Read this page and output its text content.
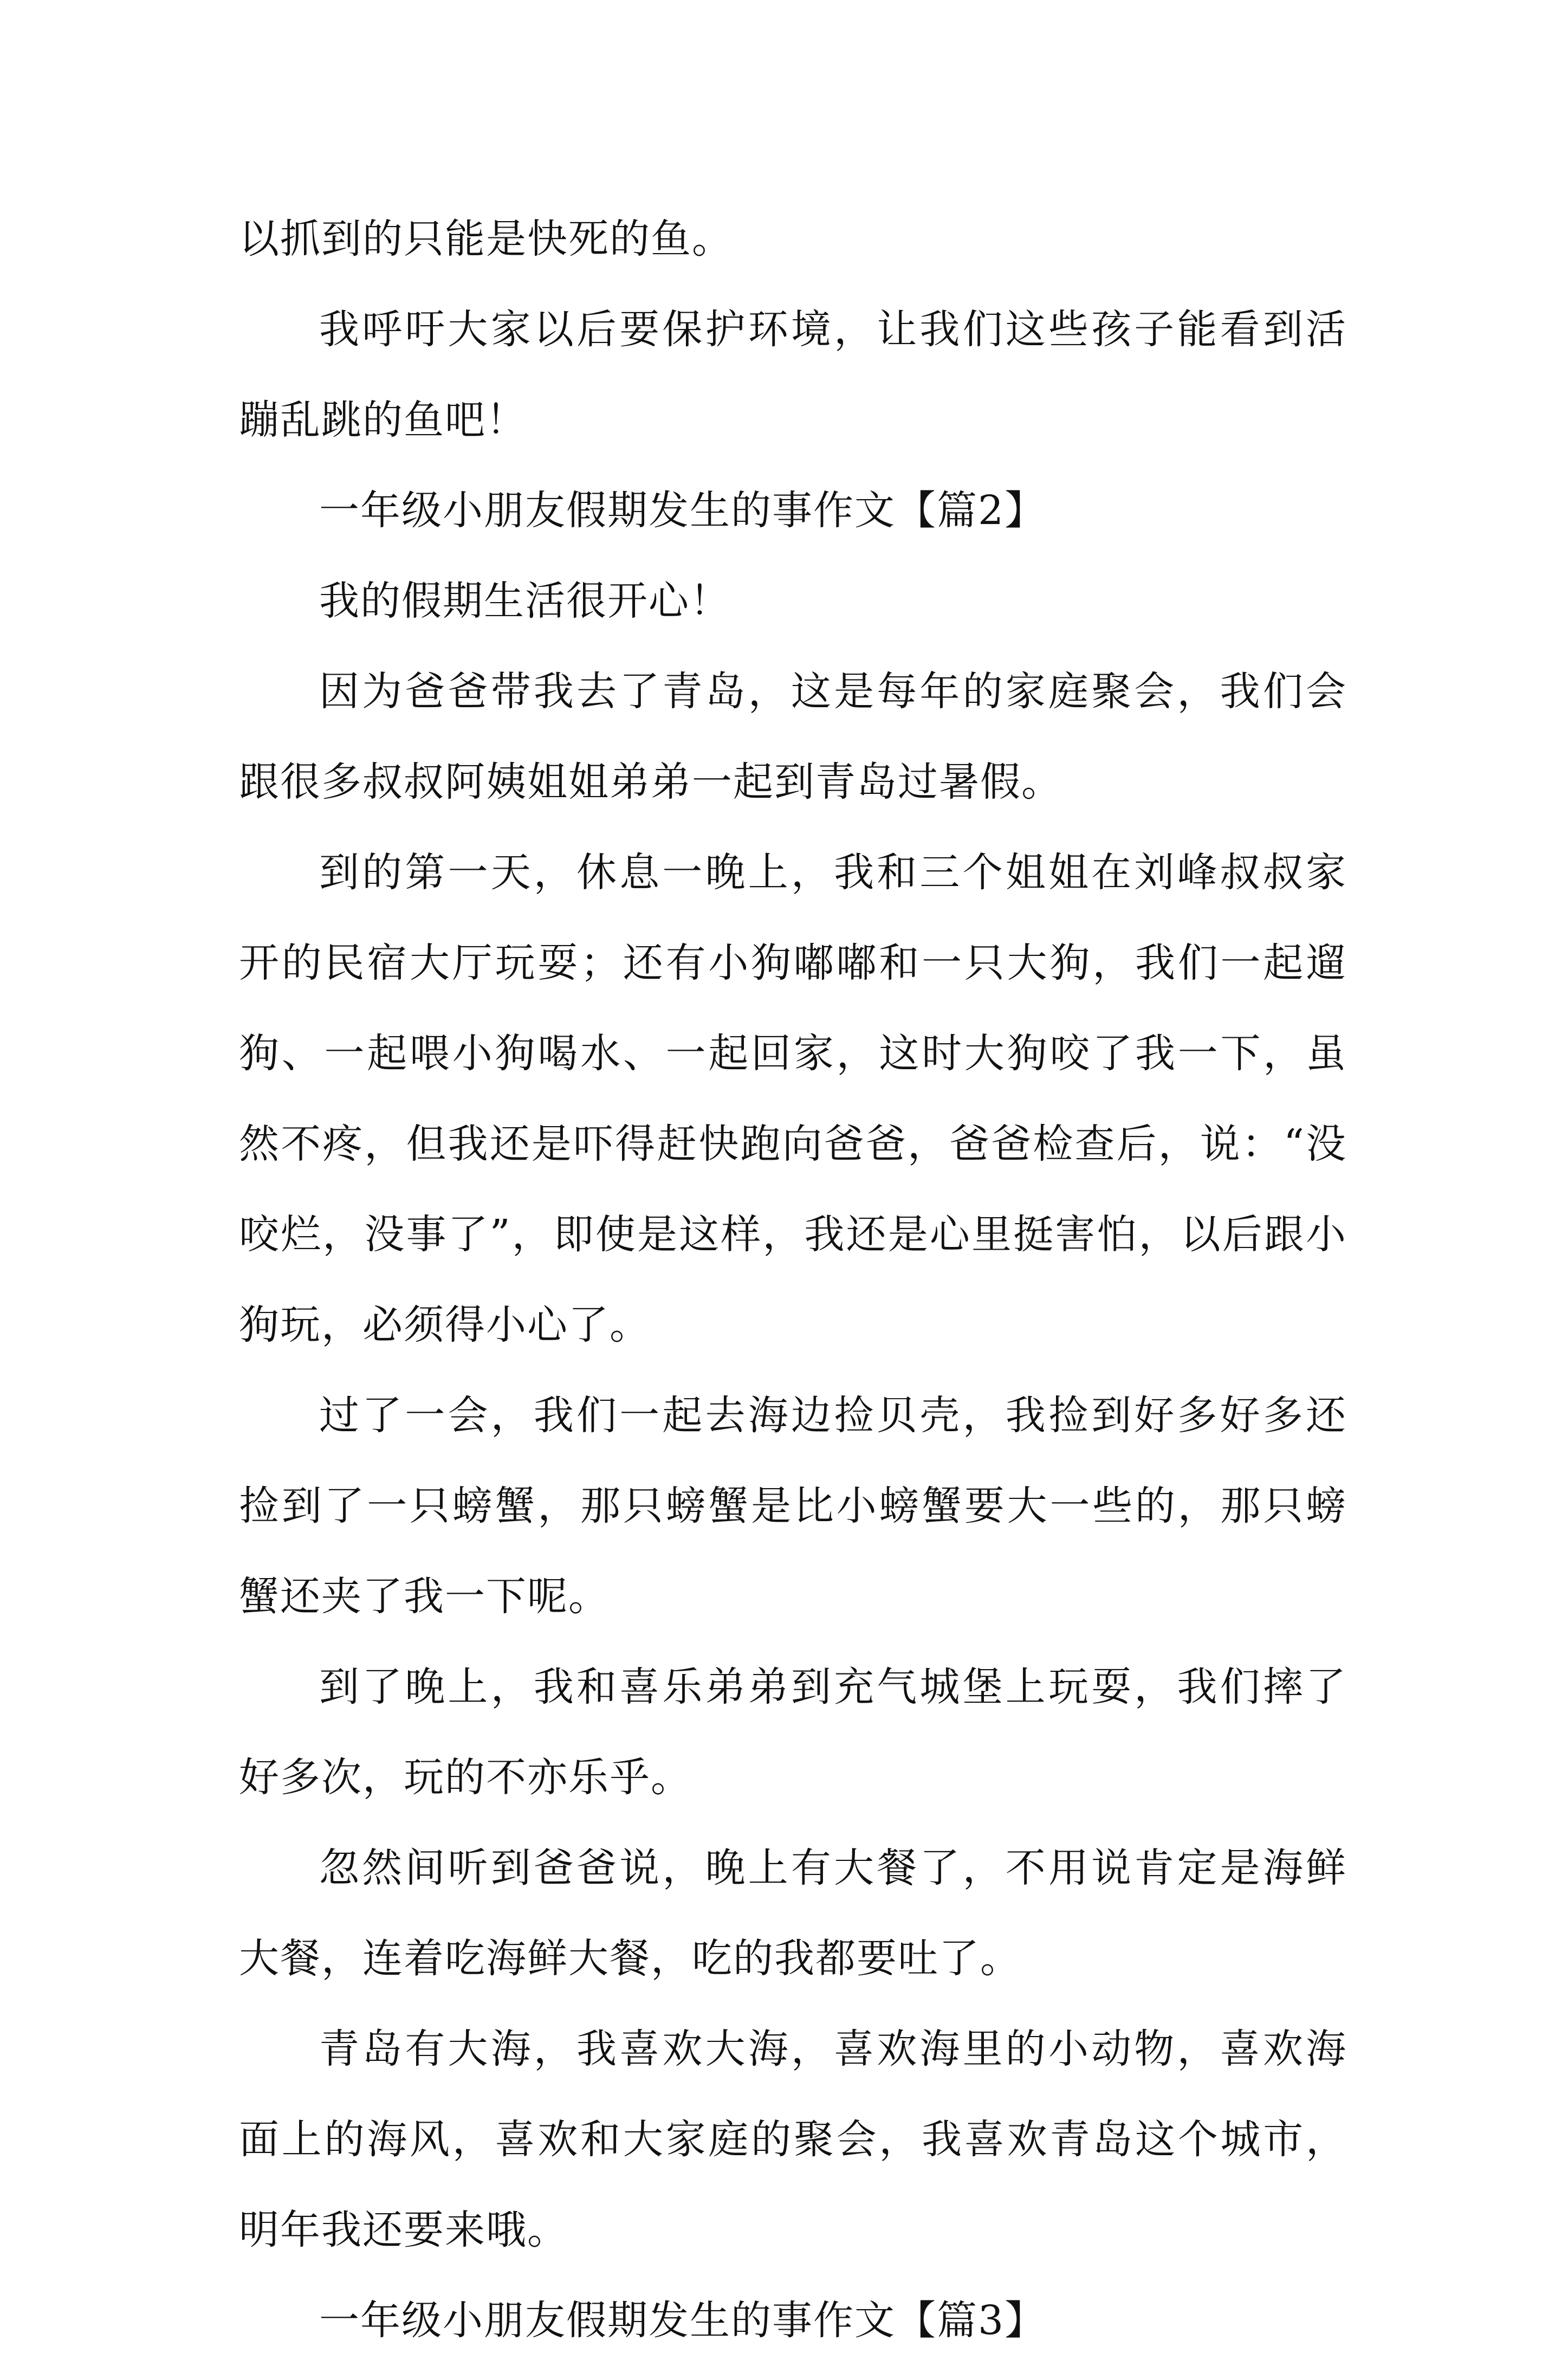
以抓到的只能是快死的鱼。

我呼吁大家以后要保护环境，让我们这些孩子能看到活蹦乱跳的鱼吧！

一年级小朋友假期发生的事作文【篇2】

我的假期生活很开心！

因为爸爸带我去了青岛，这是每年的家庭聚会，我们会跟很多叔叔阿姨姐姐弟弟一起到青岛过暑假。

到的第一天，休息一晚上，我和三个姐姐在刘峰叔叔家开的民宿大厅玩耍；还有小狗嘟嘟和一只大狗，我们一起遛狗、一起喂小狗喝水、一起回家，这时大狗咬了我一下，虽然不疼，但我还是吓得赶快跑向爸爸，爸爸检查后，说：“没咬烂，没事了”，即使是这样，我还是心里挺害怕，以后跟小狗玩，必须得小心了。

过了一会，我们一起去海边捡贝壳，我捡到好多好多还捡到了一只螃蟹，那只螃蟹是比小螃蟹要大一些的，那只螃蟹还夹了我一下呢。

到了晚上，我和喜乐弟弟到充气城堡上玩耍，我们摔了好多次，玩的不亦乐乎。

忽然间听到爸爸说，晚上有大餐了，不用说肯定是海鲜大餐，连着吃海鲜大餐，吃的我都要吐了。

青岛有大海，我喜欢大海，喜欢海里的小动物，喜欢海面上的海风，喜欢和大家庭的聚会，我喜欢青岛这个城市，明年我还要来哦。

一年级小朋友假期发生的事作文【篇3】
